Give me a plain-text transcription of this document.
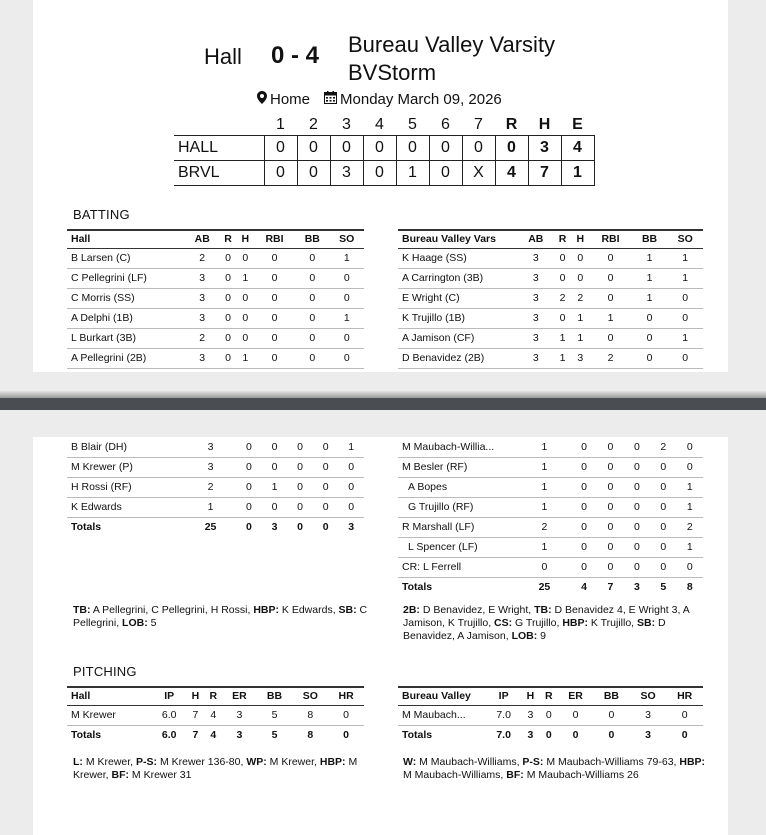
Hall 0 - 4 Bureau Valley Varsity BVStorm
Home	Monday March 09, 2026
	1	2	3	4	5	6	7	R	H	E
HALL	0	0	0	0	0	0	0	0	3	4
BRVL	0	0	3	0	1	0	X	4	7	1
BATTING
Hall	AB	R	H	RBI	BB	SO
B Larsen (C)	2	0	0	0	0	1
C Pellegrini (LF)	3	0	1	0	0	0
C Morris (SS)	3	0	0	0	0	0
A Delphi (1B)	3	0	0	0	0	1
L Burkart (3B)	2	0	0	0	0	0
A Pellegrini (2B)	3	0	1	0	0	0
Bureau Valley Vars	AB	R	H	RBI	BB	SO
K Haage (SS)	3	0	0	0	1	1
A Carrington (3B)	3	0	0	0	1	1
E Wright (C)	3	2	2	0	1	0
K Trujillo (1B)	3	0	1	1	0	0
A Jamison (CF)	3	1	1	0	0	1
D Benavidez (2B)	3	1	3	2	0	0
B Blair (DH)	3	0	0	0	0	1
M Krewer (P)	3	0	0	0	0	0
H Rossi (RF)	2	0	1	0	0	0
K Edwards	1	0	0	0	0	0
Totals	25	0	3	0	0	3
M Maubach-Willia...	1	0	0	0	2	0
M Besler (RF)	1	0	0	0	0	0
A Bopes	1	0	0	0	0	1
G Trujillo (RF)	1	0	0	0	0	1
R Marshall (LF)	2	0	0	0	0	2
L Spencer (LF)	1	0	0	0	0	1
CR: L Ferrell	0	0	0	0	0	0
Totals	25	4	7	3	5	8
TB: A Pellegrini, C Pellegrini, H Rossi, HBP: K Edwards, SB: C Pellegrini, LOB: 5
2B: D Benavidez, E Wright, TB: D Benavidez 4, E Wright 3, A Jamison, K Trujillo, CS: G Trujillo, HBP: K Trujillo, SB: D Benavidez, A Jamison, LOB: 9
PITCHING
Hall	IP	H	R	ER	BB	SO	HR
M Krewer	6.0	7	4	3	5	8	0
Totals	6.0	7	4	3	5	8	0
Bureau Valley	IP	H	R	ER	BB	SO	HR
M Maubach...	7.0	3	0	0	0	3	0
Totals	7.0	3	0	0	0	3	0
L: M Krewer, P-S: M Krewer 136-80, WP: M Krewer, HBP: M Krewer, BF: M Krewer 31
W: M Maubach-Williams, P-S: M Maubach-Williams 79-63, HBP: M Maubach-Williams, BF: M Maubach-Williams 26
